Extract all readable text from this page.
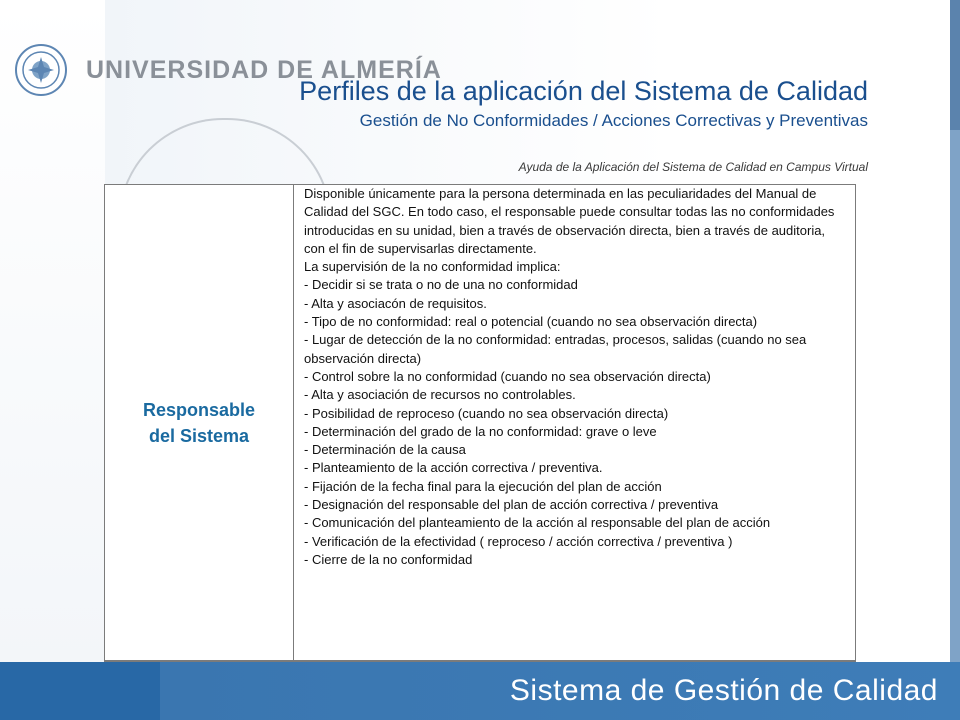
UNIVERSIDAD DE ALMERÍA
Perfiles de la aplicación del Sistema de Calidad
Gestión de No Conformidades / Acciones Correctivas y Preventivas
Ayuda de la Aplicación del Sistema de Calidad en Campus Virtual
Responsable
del Sistema

Disponible únicamente para la persona determinada en las peculiaridades del Manual de Calidad del SGC. En todo caso, el responsable puede consultar todas las no conformidades introducidas en su unidad, bien a través de observación directa, bien a través de auditoria, con el fin de supervisarlas directamente.

La supervisión de la no conformidad implica:

- Decidir si se trata o no de una no conformidad
- Alta y asociacón de requisitos.
- Tipo de no conformidad: real o potencial (cuando no sea observación directa)
- Lugar de detección de la no conformidad: entradas, procesos, salidas (cuando no sea observación directa)
- Control sobre la no conformidad (cuando no sea observación directa)
- Alta y asociación de recursos no controlables.
- Posibilidad de reproceso (cuando no sea observación directa)
- Determinación del grado de la no conformidad: grave o leve
- Determinación de la causa
- Planteamiento de la acción correctiva / preventiva.
- Fijación de la fecha final para la ejecución del plan de acción
- Designación del responsable del plan de acción correctiva / preventiva
- Comunicación del planteamiento de la acción al responsable del plan de acción
- Verificación de la efectividad ( reproceso / acción correctiva / preventiva )
- Cierre de la no conformidad
Sistema de Gestión de Calidad
